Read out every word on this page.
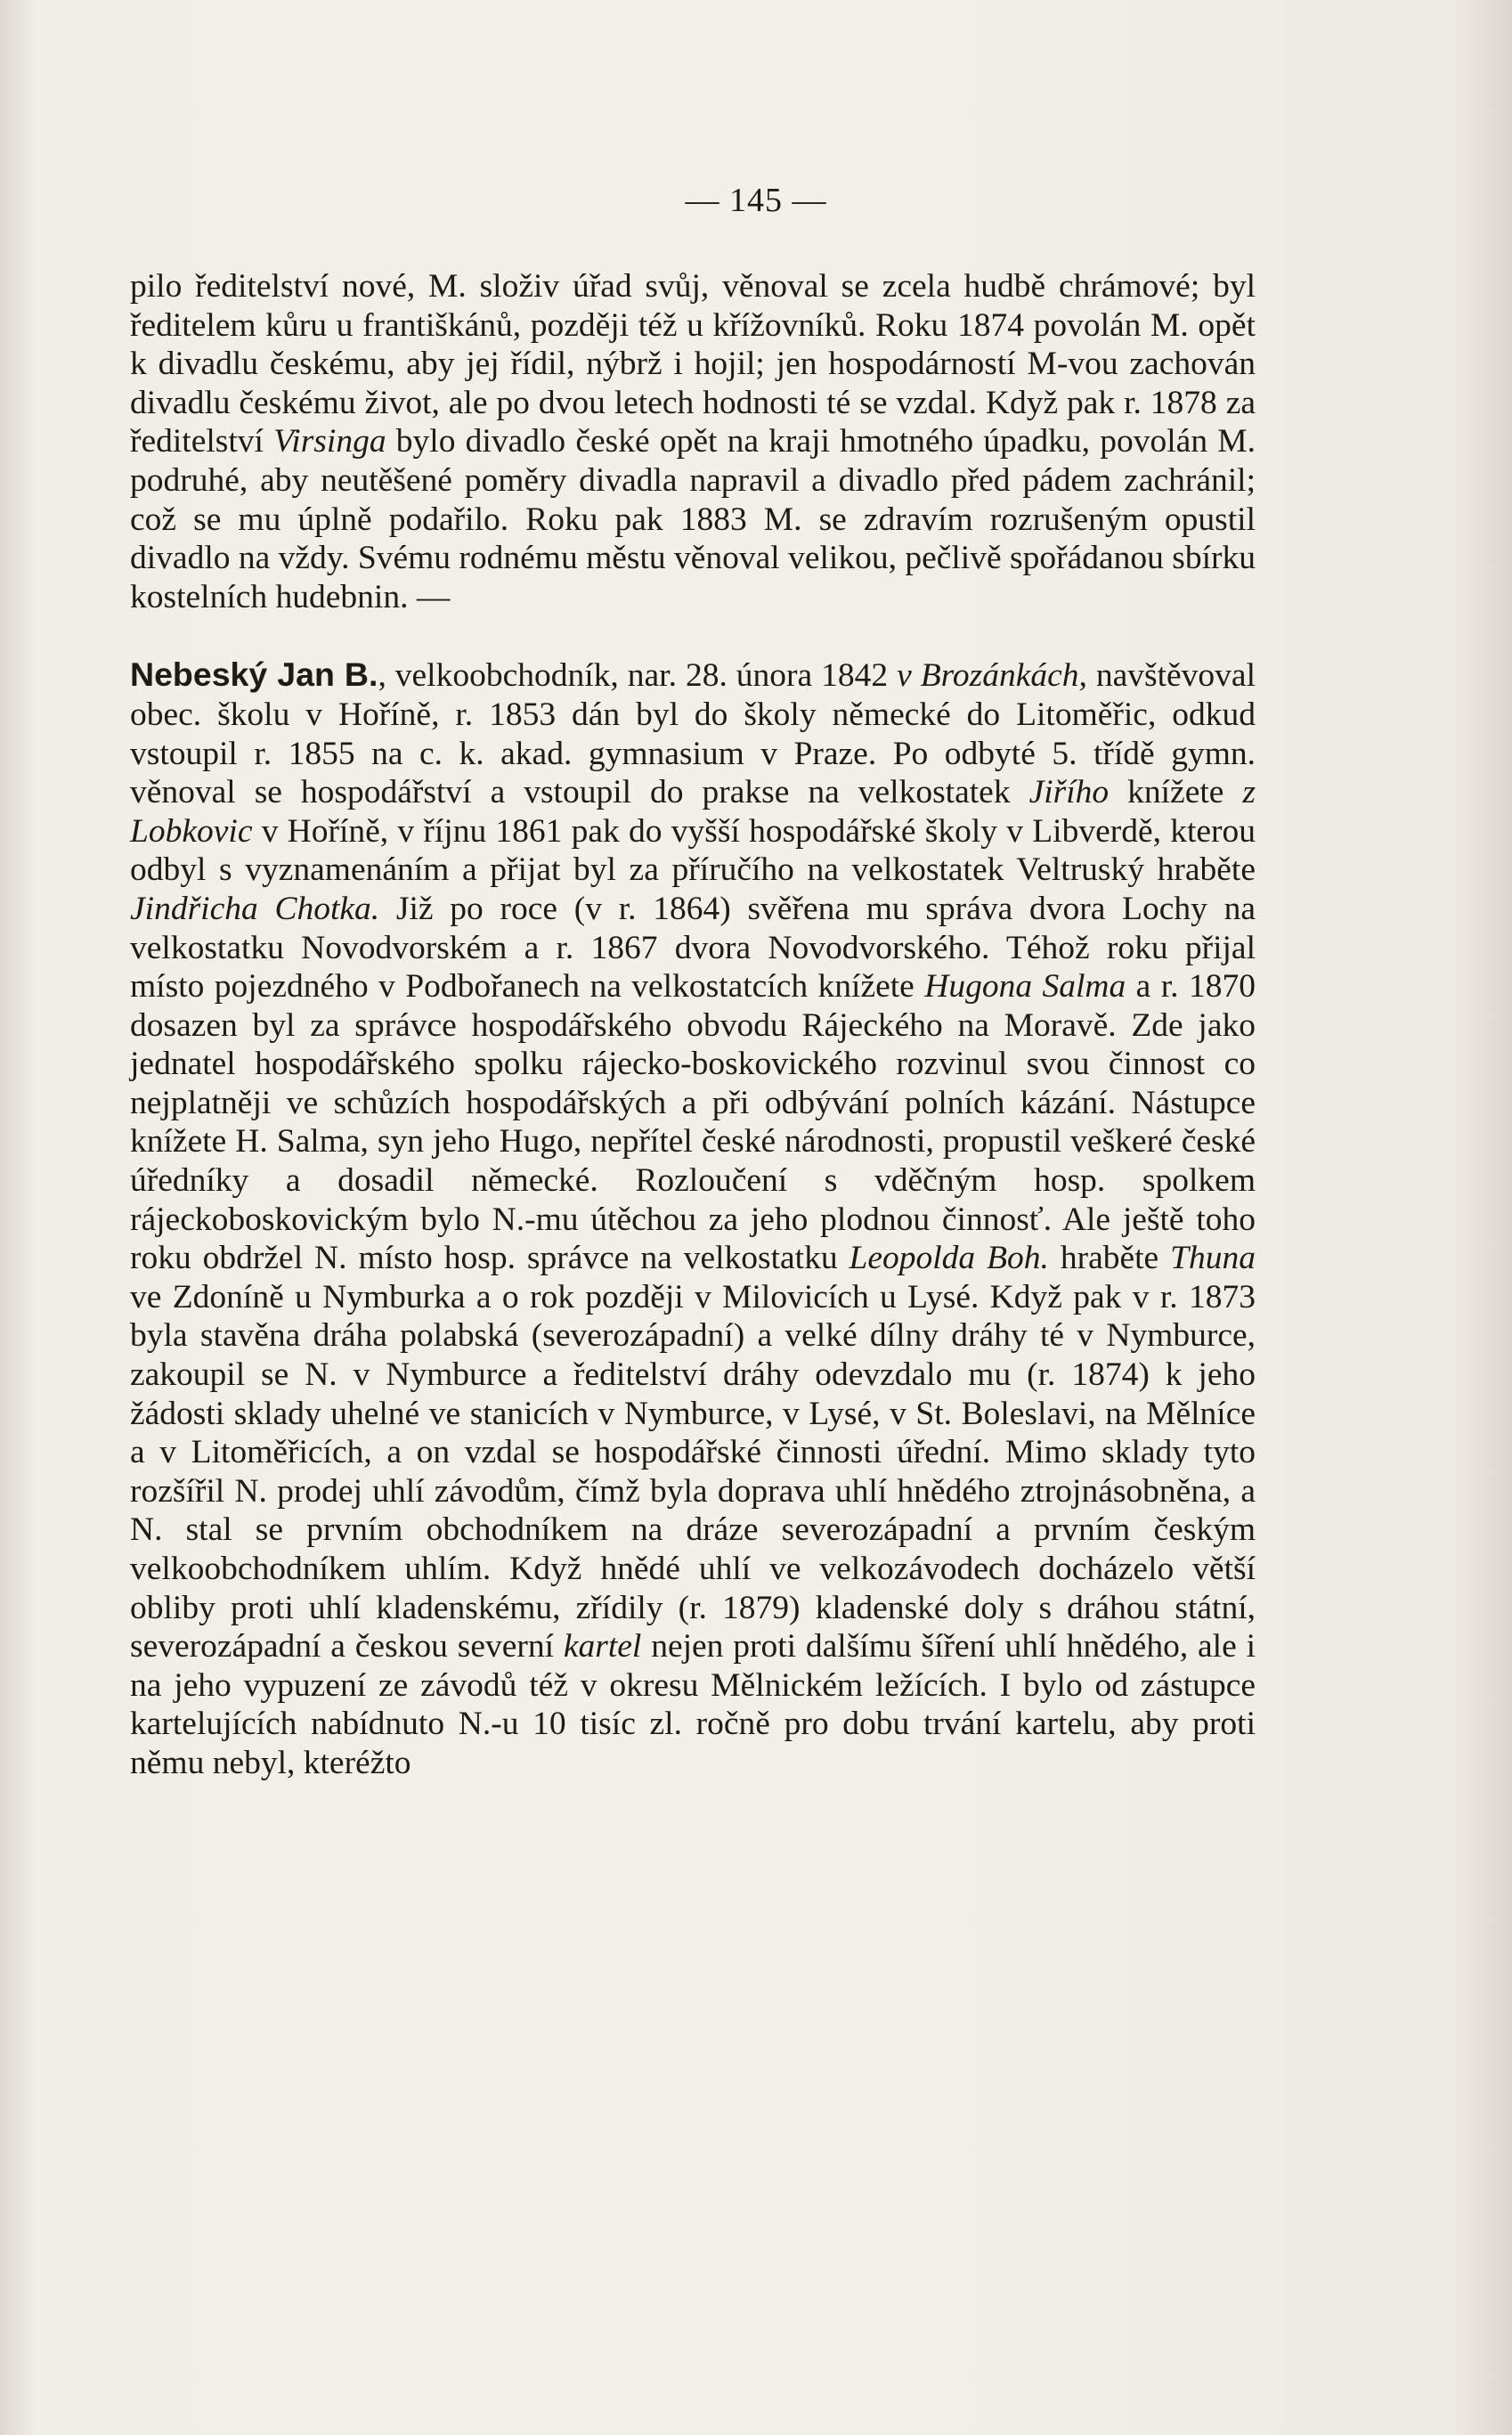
— 145 —

pilo ředitelství nové, M. složiv úřad svůj, věnoval se zcela hudbě chrámové; byl ředitelem kůru u františkánů, později též u křížovníků. Roku 1874 povolán M. opět k divadlu českému, aby jej řídil, nýbrž i hojil; jen hospodárností M-vou zachován divadlu českému život, ale po dvou letech hodnosti té se vzdal. Když pak r. 1878 za ředitelství Virsinga bylo divadlo české opět na kraji hmotného úpadku, povolán M. podruhé, aby neutěšené poměry divadla napravil a divadlo před pádem zachránil; což se mu úplně podařilo. Roku pak 1883 M. se zdravím rozrušeným opustil divadlo na vždy. Svému rodnému městu věnoval velikou, pečlivě spořádanou sbírku kostelních hudebnin. —

Nebeský Jan B., velkoobchodník, nar. 28. února 1842 v Brozánkách, navštěvoval obec. školu v Hoříně, r. 1853 dán byl do školy německé do Litoměřic, odkud vstoupil r. 1855 na c. k. akad. gymnasium v Praze. Po odbyté 5. třídě gymn. věnoval se hospodářství a vstoupil do prakse na velkostatek Jiřího knížete z Lobkovic v Hoříně, v říjnu 1861 pak do vyšší hospodářské školy v Libverdě, kterou odbyl s vyznamenáním a přijat byl za příručího na velkostatek Veltruský hraběte Jindřicha Chotka. Již po roce (v r. 1864) svěřena mu správa dvora Lochy na velkostatku Novodvorském a r. 1867 dvora Novodvorského. Téhož roku přijal místo pojezdného v Podbořanech na velkostatcích knížete Hugona Salma a r. 1870 dosazen byl za správce hospodářského obvodu Rájeckého na Moravě. Zde jako jednatel hospodářského spolku rájecko-boskovického rozvinul svou činnost co nejplatněji ve schůzích hospodářských a při odbývání polních kázání. Nástupce knížete H. Salma, syn jeho Hugo, nepřítel české národnosti, propustil veškeré české úředníky a dosadil německé. Rozloučení s vděčným hosp. spolkem rájeckoboskovickým bylo N.-mu útěchou za jeho plodnou činnosť. Ale ještě toho roku obdržel N. místo hosp. správce na velkostatku Leopolda Boh. hraběte Thuna ve Zdoníně u Nymburka a o rok později v Milovicích u Lysé. Když pak v r. 1873 byla stavěna dráha polabská (severozápadní) a velké dílny dráhy té v Nymburce, zakoupil se N. v Nymburce a ředitelství dráhy odevzdalo mu (r. 1874) k jeho žádosti sklady uhelné ve stanicích v Nymburce, v Lysé, v St. Boleslavi, na Mělníce a v Litoměřicích, a on vzdal se hospodářské činnosti úřední. Mimo sklady tyto rozšířil N. prodej uhlí závodům, čímž byla doprava uhlí hnědého ztrojnásobněna, a N. stal se prvním obchodníkem na dráze severozápadní a prvním českým velkoobchodníkem uhlím. Když hnědé uhlí ve velkozávodech docházelo větší obliby proti uhlí kladenskému, zřídily (r. 1879) kladenské doly s dráhou státní, severozápadní a českou severní kartel nejen proti dalšímu šíření uhlí hnědého, ale i na jeho vypuzení ze závodů též v okresu Mělnickém ležících. I bylo od zástupce kartelujících nabídnuto N.-u 10 tisíc zl. ročně pro dobu trvání kartelu, aby proti němu nebyl, kteréžto
